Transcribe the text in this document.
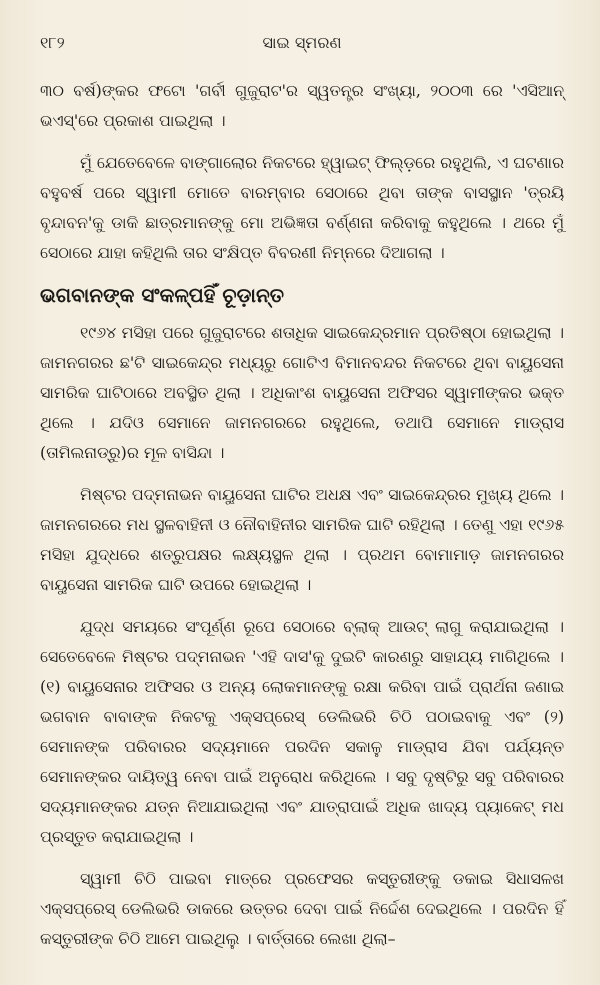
୧୮୨	ସାଇ ସ୍ମରଣ

୩୦ ବର୍ଷ)ଙ୍କର ଫଟୋ 'ଗର୍ବୀ ଗୁଜୁରାଟ'ର ସ୍ୱତନ୍ତ୍ର ସଂଖ୍ୟା, ୨୦୦୩ ରେ 'ଏସିଆନ୍ ଭଏସ୍'ରେ ପ୍ରକାଶ ପାଇଥିଲା ।

ମୁଁ ଯେତେବେଳେ ବାଙ୍ଗାଲୋର ନିକଟରେ ହ୍ୱାଇଟ୍ ଫିଲ୍ଡ଼ରେ ରହୁଥିଲି, ଏ ଘଟଣାର ବହୁବର୍ଷ ପରେ ସ୍ୱାମୀ ମୋତେ ବାରମ୍ବାର ସେଠାରେ ଥିବା ତାଙ୍କ ବାସସ୍ଥାନ 'ତ୍ରୟି ବୃନ୍ଦାବନ'କୁ ଡାକି ଛାତ୍ରମାନଙ୍କୁ ମୋ ଅଭିଜ୍ଞତା ବର୍ଣ୍ଣନା କରିବାକୁ କହୁଥିଲେ । ଥରେ ମୁଁ ସେଠାରେ ଯାହା କହିଥିଲି ତାର ସଂକ୍ଷିପ୍ତ ବିବରଣୀ ନିମ୍ନରେ ଦିଆଗଲା ।

ଭଗବାନଙ୍କ ସଂକଳ୍ପହିଁ ଚୂଡ଼ାନ୍ତ

୧୯୬୪ ମସିହା ପରେ ଗୁଜୁରାଟରେ ଶତାଧିକ ସାଇକେନ୍ଦ୍ରମାନ ପ୍ରତିଷ୍ଠା ହୋଇଥିଲା । ଜାମନଗରର ଛ'ଟି ସାଇକେନ୍ଦ୍ର ମଧ୍ୟରୁ ଗୋଟିଏ ବିମାନବନ୍ଦର ନିକଟରେ ଥିବା ବାୟୁସେନା ସାମରିକ ଘାଟିଠାରେ ଅବସ୍ଥିତ ଥିଲା । ଅଧିକାଂଶ ବାୟୁସେନା ଅଫିସର ସ୍ୱାମୀଙ୍କର ଭକ୍ତ ଥିଲେ । ଯଦିଓ ସେମାନେ ଜାମନଗରରେ ରହୁଥିଲେ, ତଥାପି ସେମାନେ ମାଡ୍ରାସ (ତାମିଲନାଡ୍ରୁ)ର ମୂଳ ବାସିନ୍ଦା ।

ମିଷ୍ଟର ପଦ୍ମନାଭନ ବାୟୁସେନା ଘାଟିର ଅଧକ୍ଷ ଏବଂ ସାଇକେନ୍ଦ୍ରର ମୁଖ୍ୟ ଥିଲେ । ଜାମନଗରରେ ମଧ ସ୍ଥଳବାହିନୀ ଓ ନୌବାହିନୀର ସାମରିକ ଘାଟି ରହିଥିଲା । ତେଣୁ ଏହା ୧୯୬୫ ମସିହା ଯୁଦ୍ଧରେ ଶତ୍ରୁପକ୍ଷର ଲକ୍ଷ୍ୟସ୍ଥଳ ଥିଲା । ପ୍ରଥମ ବୋମାମାଡ଼ ଜାମନଗରର ବାୟୁସେନା ସାମରିକ ଘାଟି ଉପରେ ହୋଇଥିଲା ।

ଯୁଦ୍ଧ ସମୟରେ ସଂପୂର୍ଣ୍ଣ ରୂପେ ସେଠାରେ ବ୍ଲାକ୍ ଆଉଟ୍ ଲାଗୁ କରାଯାଇଥିଲା । ସେତେବେଳେ ମିଷ୍ଟର ପଦ୍ମନାଭନ 'ଏହି ଦାସ'କୁ ଦୁଇଟି କାରଣରୁ ସାହାଯ୍ୟ ମାଗିଥିଲେ । (୧) ବାୟୁସେନାର ଅଫିସର ଓ ଅନ୍ୟ ଲୋକମାନଙ୍କୁ ରକ୍ଷା କରିବା ପାଇଁ ପ୍ରାର୍ଥନା ଜଣାଇ ଭଗବାନ ବାବାଙ୍କ ନିକଟକୁ ଏକ୍ସପ୍ରେସ୍ ଡେଲିଭରି ଚିଠି ପଠାଇବାକୁ ଏବଂ (୨) ସେମାନଙ୍କ ପରିବାରର ସଦ୍ୟମାନେ ପରଦିନ ସକାଳୁ ମାଡ୍ରାସ ଯିବା ପର୍ଯ୍ୟନ୍ତ ସେମାନଙ୍କର ଦାୟିତ୍ୱ ନେବା ପାଇଁ ଅନୁରୋଧ କରିଥିଲେ । ସବୁ ଦୃଷ୍ଟିରୁ ସବୁ ପରିବାରର ସଦ୍ୟମାନଙ୍କର ଯତ୍ନ ନିଆଯାଇଥିଲା ଏବଂ ଯାତ୍ରାପାଇଁ ଅଧିକ ଖାଦ୍ୟ ପ୍ୟାକେଟ୍ ମଧ ପ୍ରସ୍ତୁତ କରାଯାଇଥିଲା ।

ସ୍ୱାମୀ ଚିଠି ପାଇବା ମାତ୍ରେ ପ୍ରଫେସର କସ୍ତୁରୀଙ୍କୁ ଡକାଇ ସିଧାସଳଖ ଏକ୍ସପ୍ରେସ୍ ଡେଲିଭରି ଡାକରେ ଉତ୍ତର ଦେବା ପାଇଁ ନିର୍ଦ୍ଦେଶ ଦେଇଥିଲେ । ପରଦିନ ହିଁ କସ୍ତୁରୀଙ୍କ ଚିଠି ଆମେ ପାଇଥିଲୁ । ବାର୍ତ୍ତାରେ ଲେଖା ଥିଲା–
